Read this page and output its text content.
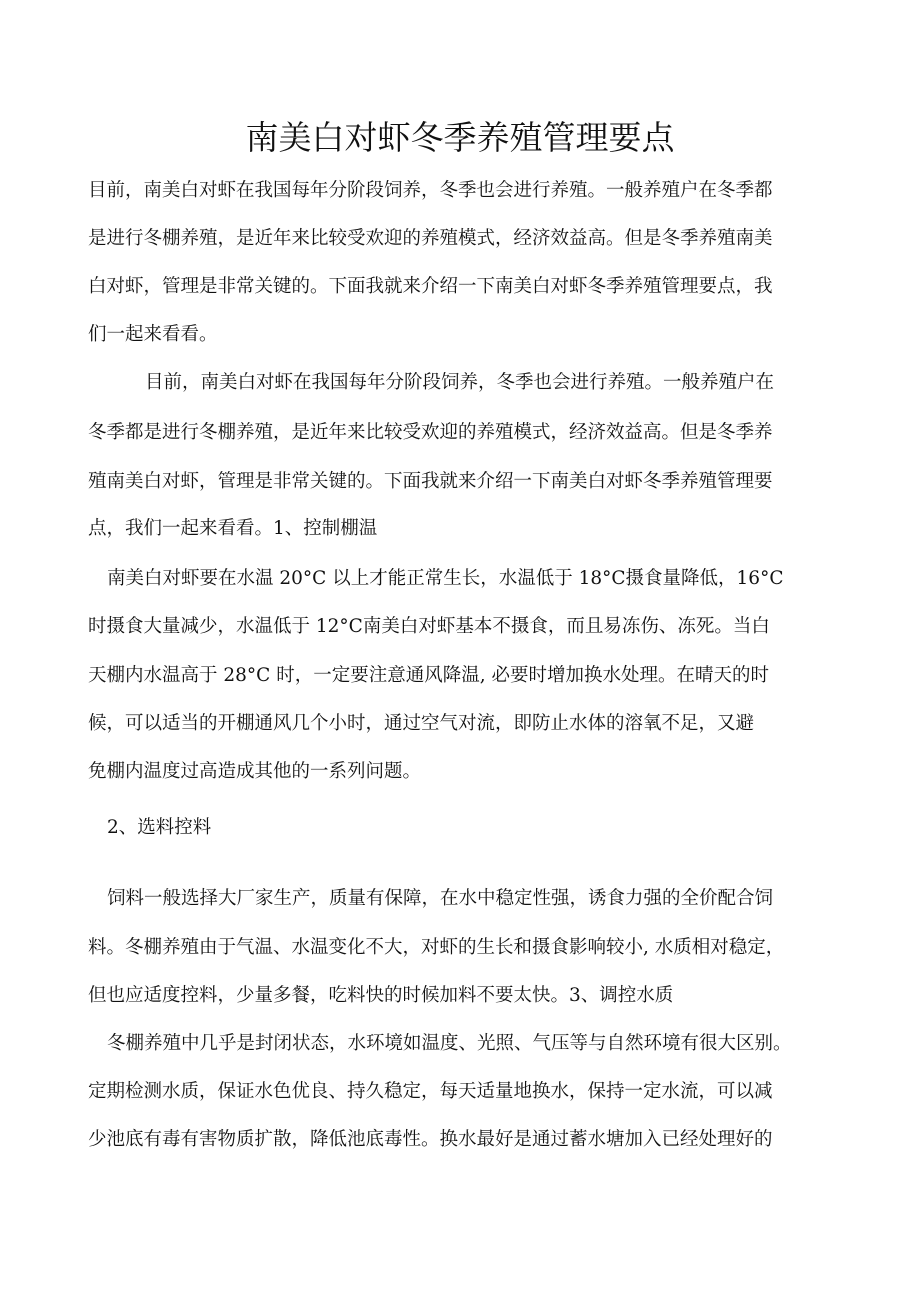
南美白对虾冬季养殖管理要点

目前，南美白对虾在我国每年分阶段饲养，冬季也会进行养殖。一般养殖户在冬季都

是进行冬棚养殖，是近年来比较受欢迎的养殖模式，经济效益高。但是冬季养殖南美

白对虾，管理是非常关键的。下面我就来介绍一下南美白对虾冬季养殖管理要点，我

们一起来看看。

目前，南美白对虾在我国每年分阶段饲养，冬季也会进行养殖。一般养殖户在

冬季都是进行冬棚养殖，是近年来比较受欢迎的养殖模式，经济效益高。但是冬季养

殖南美白对虾，管理是非常关键的。下面我就来介绍一下南美白对虾冬季养殖管理要

点，我们一起来看看。1、控制棚温

南美白对虾要在水温 20°C 以上才能正常生长，水温低于 18°C摄食量降低，16°C

时摄食大量减少，水温低于 12°C南美白对虾基本不摄食，而且易冻伤、冻死。当白

天棚内水温高于 28°C 时，一定要注意通风降温, 必要时增加换水处理。在晴天的时

候，可以适当的开棚通风几个小时，通过空气对流，即防止水体的溶氧不足，又避

免棚内温度过高造成其他的一系列问题。

2、选料控料

饲料一般选择大厂家生产，质量有保障，在水中稳定性强，诱食力强的全价配合饲

料。冬棚养殖由于气温、水温变化不大，对虾的生长和摄食影响较小, 水质相对稳定，

但也应适度控料，少量多餐，吃料快的时候加料不要太快。3、调控水质

冬棚养殖中几乎是封闭状态，水环境如温度、光照、气压等与自然环境有很大区别。

定期检测水质，保证水色优良、持久稳定，每天适量地换水，保持一定水流，可以减

少池底有毒有害物质扩散，降低池底毒性。换水最好是通过蓄水塘加入已经处理好的
